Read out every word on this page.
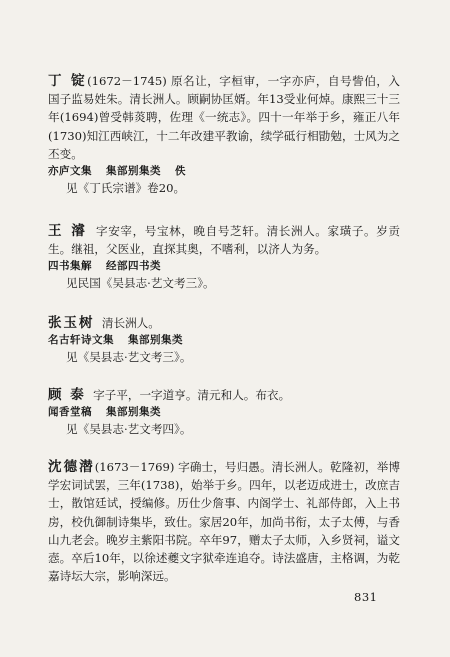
丁 锭(1672－1745) 原名让，字桓审，一字亦庐，自号訾伯，入国子监易姓朱。清长洲人。顾嗣协匡婿。年13受业何焯。康熙三十三年(1694)曾受韩菼聘，佐理《一统志》。四十一年举于乡，雍正八年(1730)知江西峡江，十二年改建平教谕，续学砥行相勖勉，士风为之丕变。

亦庐文集 集部别集类 佚

见《丁氏宗谱》卷20。

王 濬 字安宰，号宝林，晚自号芝轩。清长洲人。家璜子。岁贡生。继祖，父医业，直探其奥，不嗜利，以济人为务。

四书集解 经部四书类

见民国《吴县志·艺文考三》。

张玉树 清长洲人。

名古轩诗文集 集部别集类

见《吴县志·艺文考三》。

顾 泰 字子平，一字道亨。清元和人。布衣。

闻香堂稿 集部别集类

见《吴县志·艺文考四》。

沈德潜(1673－1769) 字确士，号归愚。清长洲人。乾隆初，举博学宏词试罢，三年(1738)，始举于乡。四年，以老迈成进士，改庶吉士，散馆廷试，授编修。历仕少詹事、内阁学士、礼部侍郎，入上书房，校仇御制诗集毕，致仕。家居20年，加尚书衔，太子太傅，与香山九老会。晚岁主紫阳书院。卒年97，赠太子太师，入乡贤祠，谥文悫。卒后10年，以徐述夔文字狱牵连追夺。诗法盛唐，主格调，为乾嘉诗坛大宗，影响深远。

831
